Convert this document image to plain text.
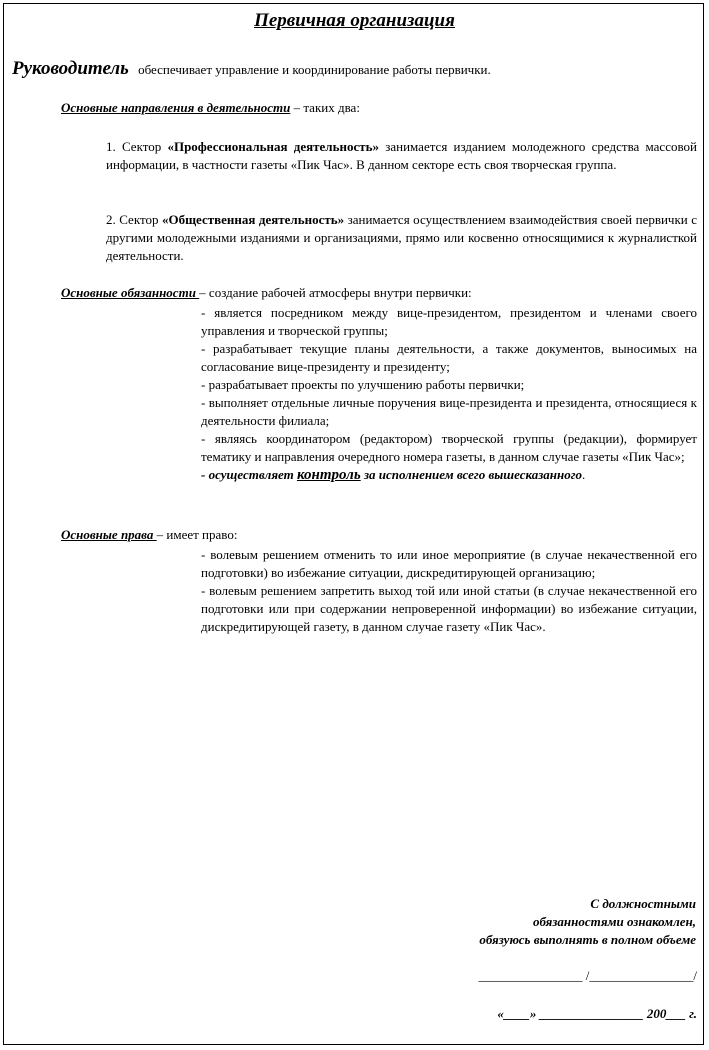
Первичная организация
Руководитель обеспечивает управление и координирование работы первички.
Основные направления в деятельности – таких два:
1. Сектор «Профессиональная деятельность» занимается изданием молодежного средства массовой информации, в частности газеты «Пик Час». В данном секторе есть своя творческая группа.
2. Сектор «Общественная деятельность» занимается осуществлением взаимодействия своей первички с другими молодежными изданиями и организациями, прямо или косвенно относящимися к журналисткой деятельности.
Основные обязанности – создание рабочей атмосферы внутри первички:
- является посредником между вице-президентом, президентом и членами своего управления и творческой группы;
- разрабатывает текущие планы деятельности, а также документов, выносимых на согласование вице-президенту и президенту;
- разрабатывает проекты по улучшению работы первички;
- выполняет отдельные личные поручения вице-президента и президента, относящиеся к деятельности филиала;
- являясь координатором (редактором) творческой группы (редакции), формирует тематику и направления очередного номера газеты, в данном случае газеты «Пик Час»;
- осуществляет контроль за исполнением всего вышесказанного.
Основные права – имеет право:
- волевым решением отменить то или иное мероприятие (в случае некачественной его подготовки) во избежание ситуации, дискредитирующей организацию;
- волевым решением запретить выход той или иной статьи (в случае некачественной его подготовки или при содержании непроверенной информации) во избежание ситуации, дискредитирующей газету, в данном случае газету «Пик Час».
С должностными
обязанностями ознакомлен,
обязуюсь выполнять в полном объеме
________________ /________________/
«____» ________________ 200___ г.
